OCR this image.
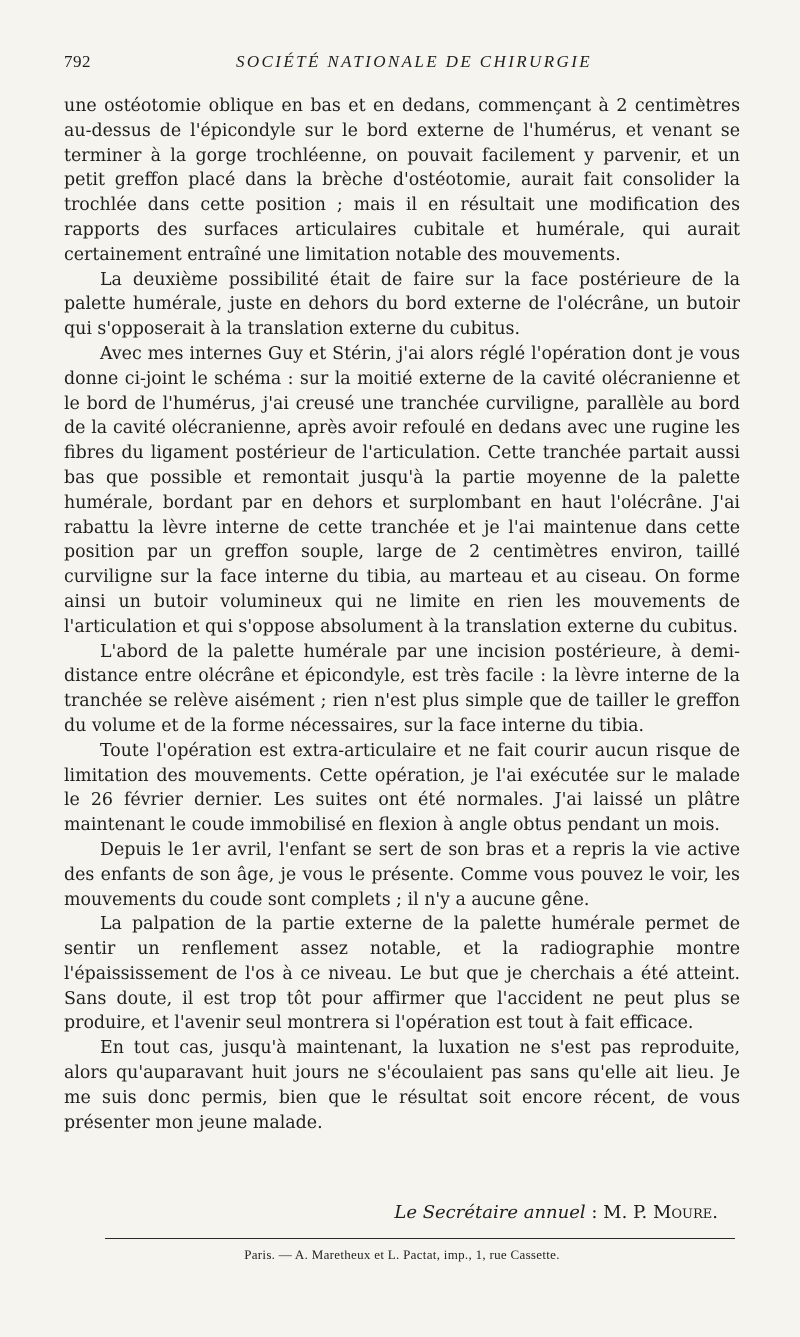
792	SOCIÉTÉ NATIONALE DE CHIRURGIE

une ostéotomie oblique en bas et en dedans, commençant à 2 centimètres au-dessus de l'épicondyle sur le bord externe de l'humérus, et venant se terminer à la gorge trochléenne, on pouvait facilement y parvenir, et un petit greffon placé dans la brèche d'ostéotomie, aurait fait consolider la trochlée dans cette position ; mais il en résultait une modification des rapports des surfaces articulaires cubitale et humérale, qui aurait certainement entraîné une limitation notable des mouvements.

La deuxième possibilité était de faire sur la face postérieure de la palette humérale, juste en dehors du bord externe de l'olécrâne, un butoir qui s'opposerait à la translation externe du cubitus.

Avec mes internes Guy et Stérin, j'ai alors réglé l'opération dont je vous donne ci-joint le schéma : sur la moitié externe de la cavité olécranienne et le bord de l'humérus, j'ai creusé une tranchée curviligne, parallèle au bord de la cavité olécranienne, après avoir refoulé en dedans avec une rugine les fibres du ligament postérieur de l'articulation. Cette tranchée partait aussi bas que possible et remontait jusqu'à la partie moyenne de la palette humérale, bordant par en dehors et surplombant en haut l'olécrâne. J'ai rabattu la lèvre interne de cette tranchée et je l'ai maintenue dans cette position par un greffon souple, large de 2 centimètres environ, taillé curviligne sur la face interne du tibia, au marteau et au ciseau. On forme ainsi un butoir volumineux qui ne limite en rien les mouvements de l'articulation et qui s'oppose absolument à la translation externe du cubitus.

L'abord de la palette humérale par une incision postérieure, à demi-distance entre olécrâne et épicondyle, est très facile : la lèvre interne de la tranchée se relève aisément ; rien n'est plus simple que de tailler le greffon du volume et de la forme nécessaires, sur la face interne du tibia.

Toute l'opération est extra-articulaire et ne fait courir aucun risque de limitation des mouvements. Cette opération, je l'ai exécutée sur le malade le 26 février dernier. Les suites ont été normales. J'ai laissé un plâtre maintenant le coude immobilisé en flexion à angle obtus pendant un mois.

Depuis le 1er avril, l'enfant se sert de son bras et a repris la vie active des enfants de son âge, je vous le présente. Comme vous pouvez le voir, les mouvements du coude sont complets ; il n'y a aucune gêne.

La palpation de la partie externe de la palette humérale permet de sentir un renflement assez notable, et la radiographie montre l'épaississement de l'os à ce niveau. Le but que je cherchais a été atteint. Sans doute, il est trop tôt pour affirmer que l'accident ne peut plus se produire, et l'avenir seul montrera si l'opération est tout à fait efficace.

En tout cas, jusqu'à maintenant, la luxation ne s'est pas reproduite, alors qu'auparavant huit jours ne s'écoulaient pas sans qu'elle ait lieu. Je me suis donc permis, bien que le résultat soit encore récent, de vous présenter mon jeune malade.

Le Secrétaire annuel : M. P. Moure.
Paris. — A. Maretheux et L. Pactat, imp., 1, rue Cassette.
